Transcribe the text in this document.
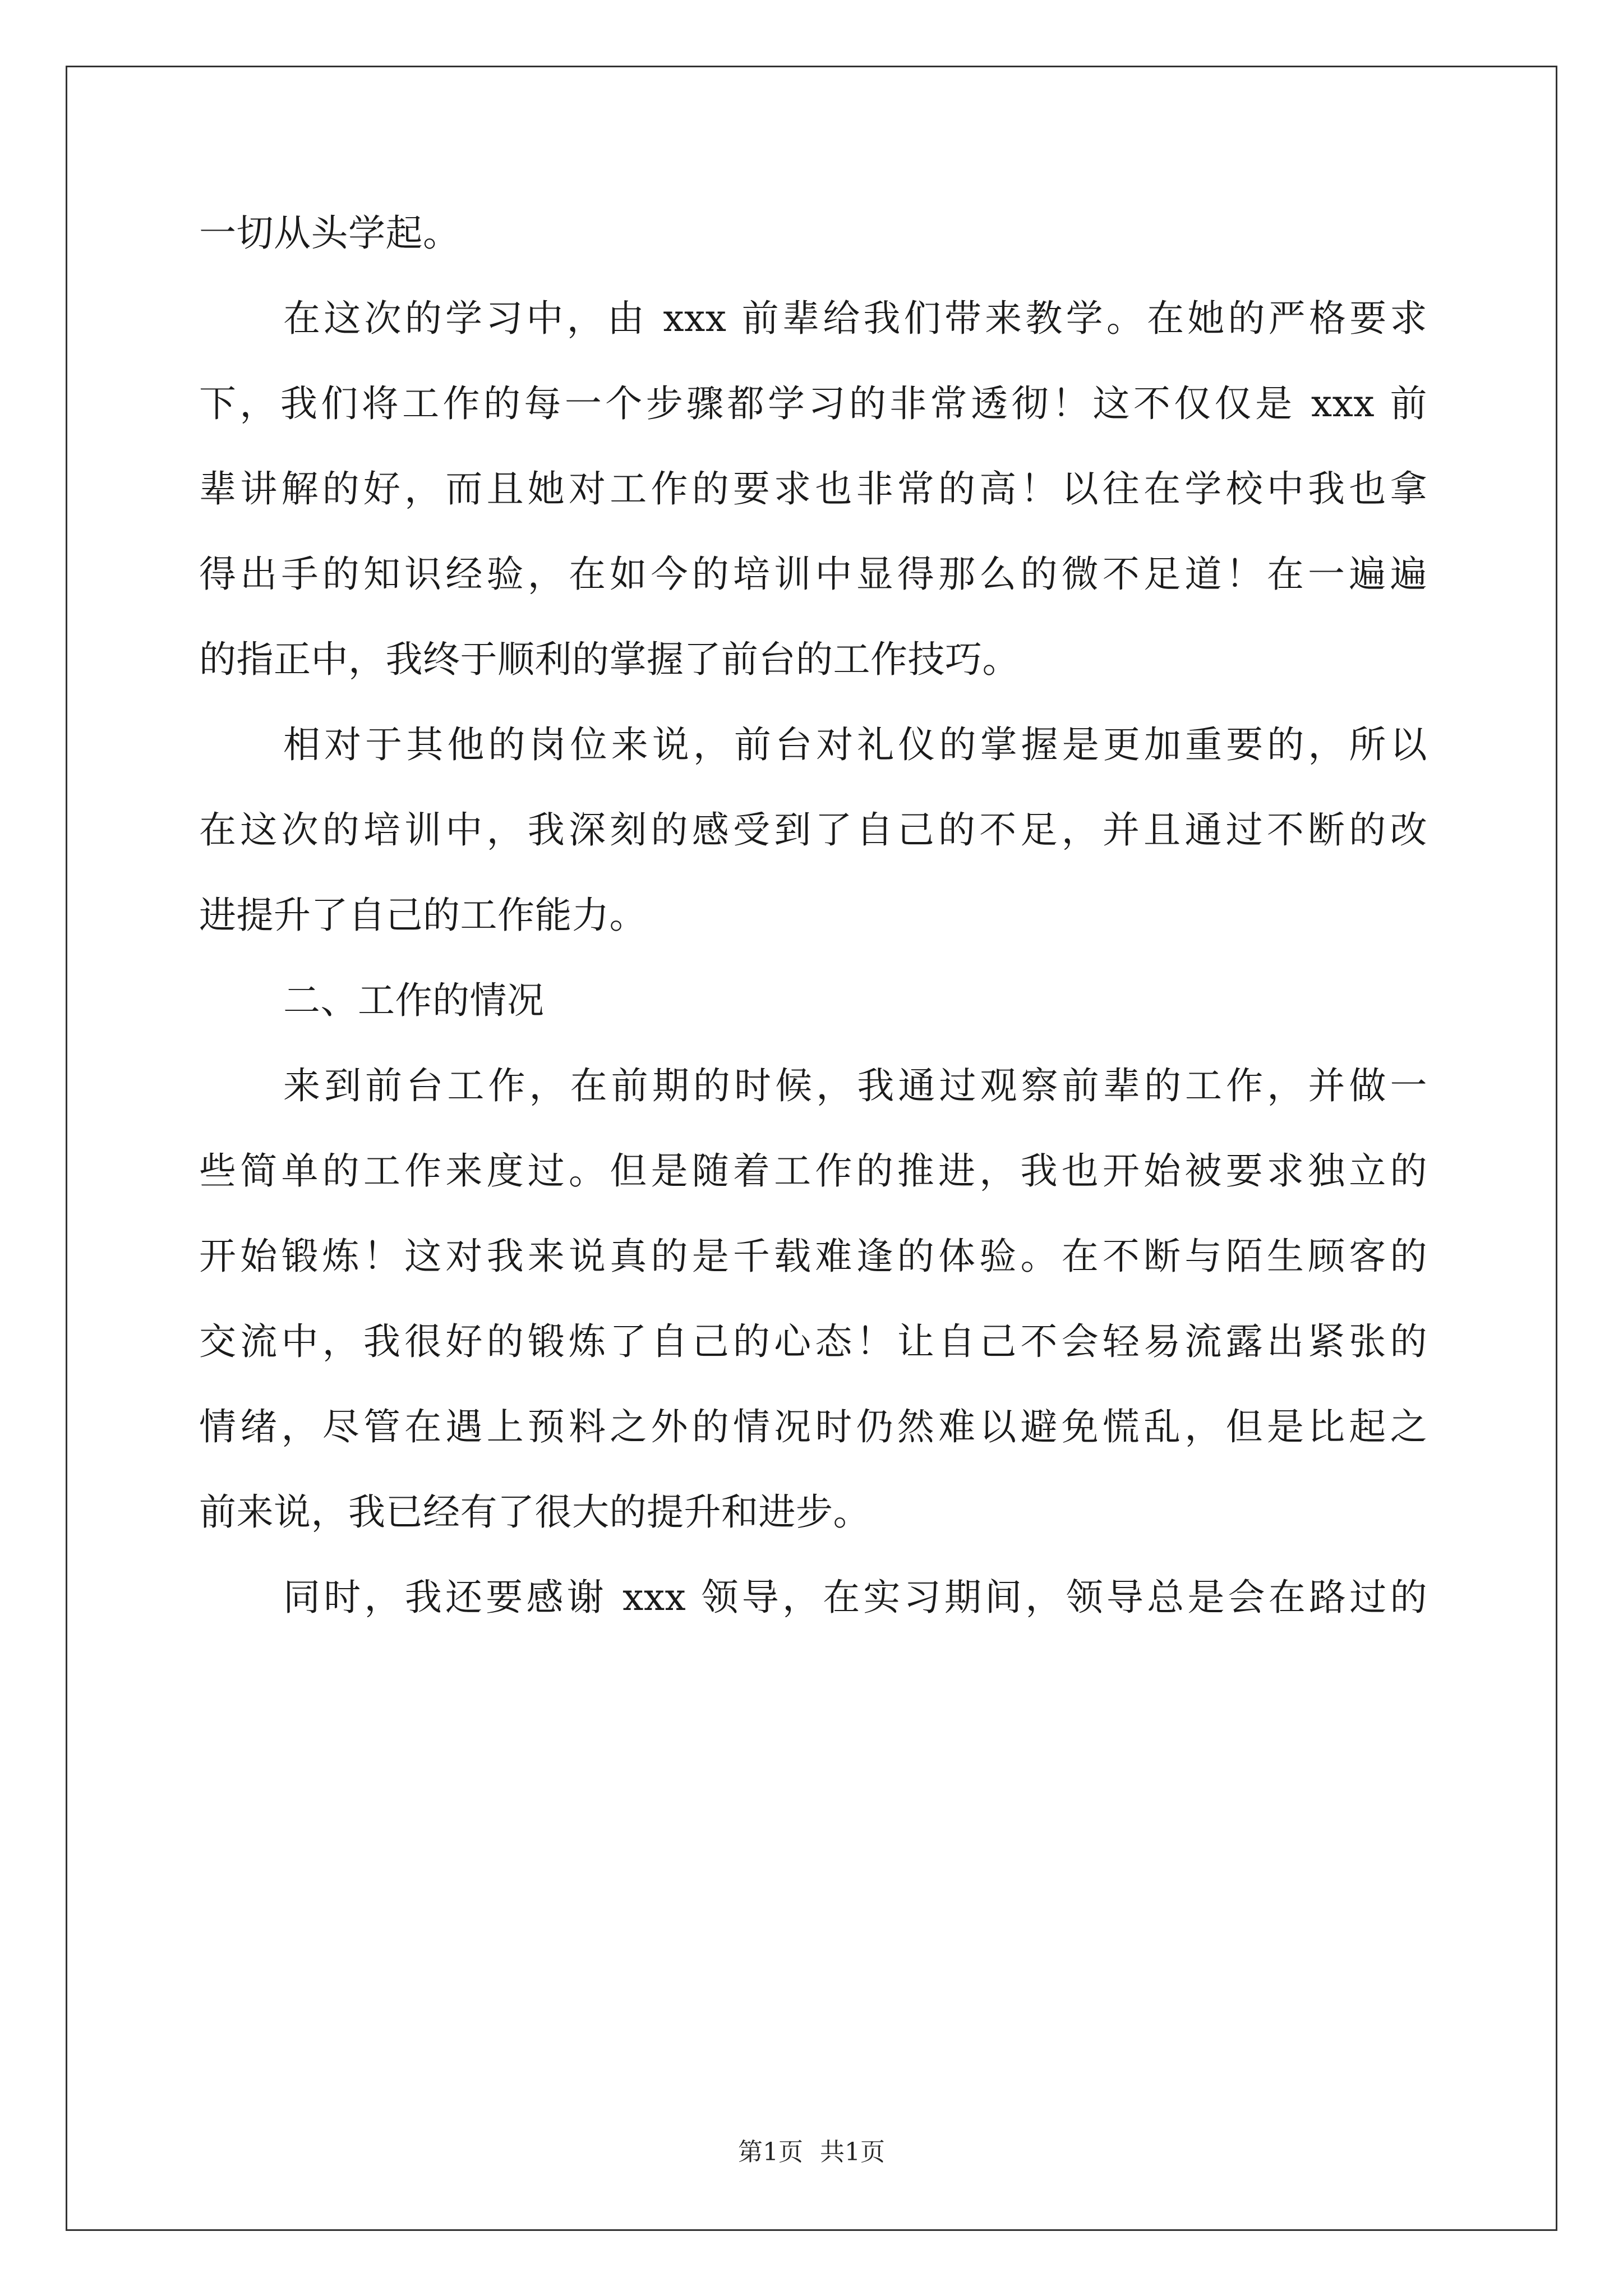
一切从头学起。
在这次的学习中，由 xxx 前辈给我们带来教学。在她的严格要求
下，我们将工作的每一个步骤都学习的非常透彻！这不仅仅是 xxx 前
辈讲解的好，而且她对工作的要求也非常的高！以往在学校中我也拿
得出手的知识经验，在如今的培训中显得那么的微不足道！在一遍遍
的指正中，我终于顺利的掌握了前台的工作技巧。
相对于其他的岗位来说，前台对礼仪的掌握是更加重要的，所以
在这次的培训中，我深刻的感受到了自己的不足，并且通过不断的改
进提升了自己的工作能力。
二、工作的情况
来到前台工作，在前期的时候，我通过观察前辈的工作，并做一
些简单的工作来度过。但是随着工作的推进，我也开始被要求独立的
开始锻炼！这对我来说真的是千载难逢的体验。在不断与陌生顾客的
交流中，我很好的锻炼了自己的心态！让自己不会轻易流露出紧张的
情绪，尽管在遇上预料之外的情况时仍然难以避免慌乱，但是比起之
前来说，我已经有了很大的提升和进步。
同时，我还要感谢 xxx 领导，在实习期间，领导总是会在路过的
第1页 共1页
